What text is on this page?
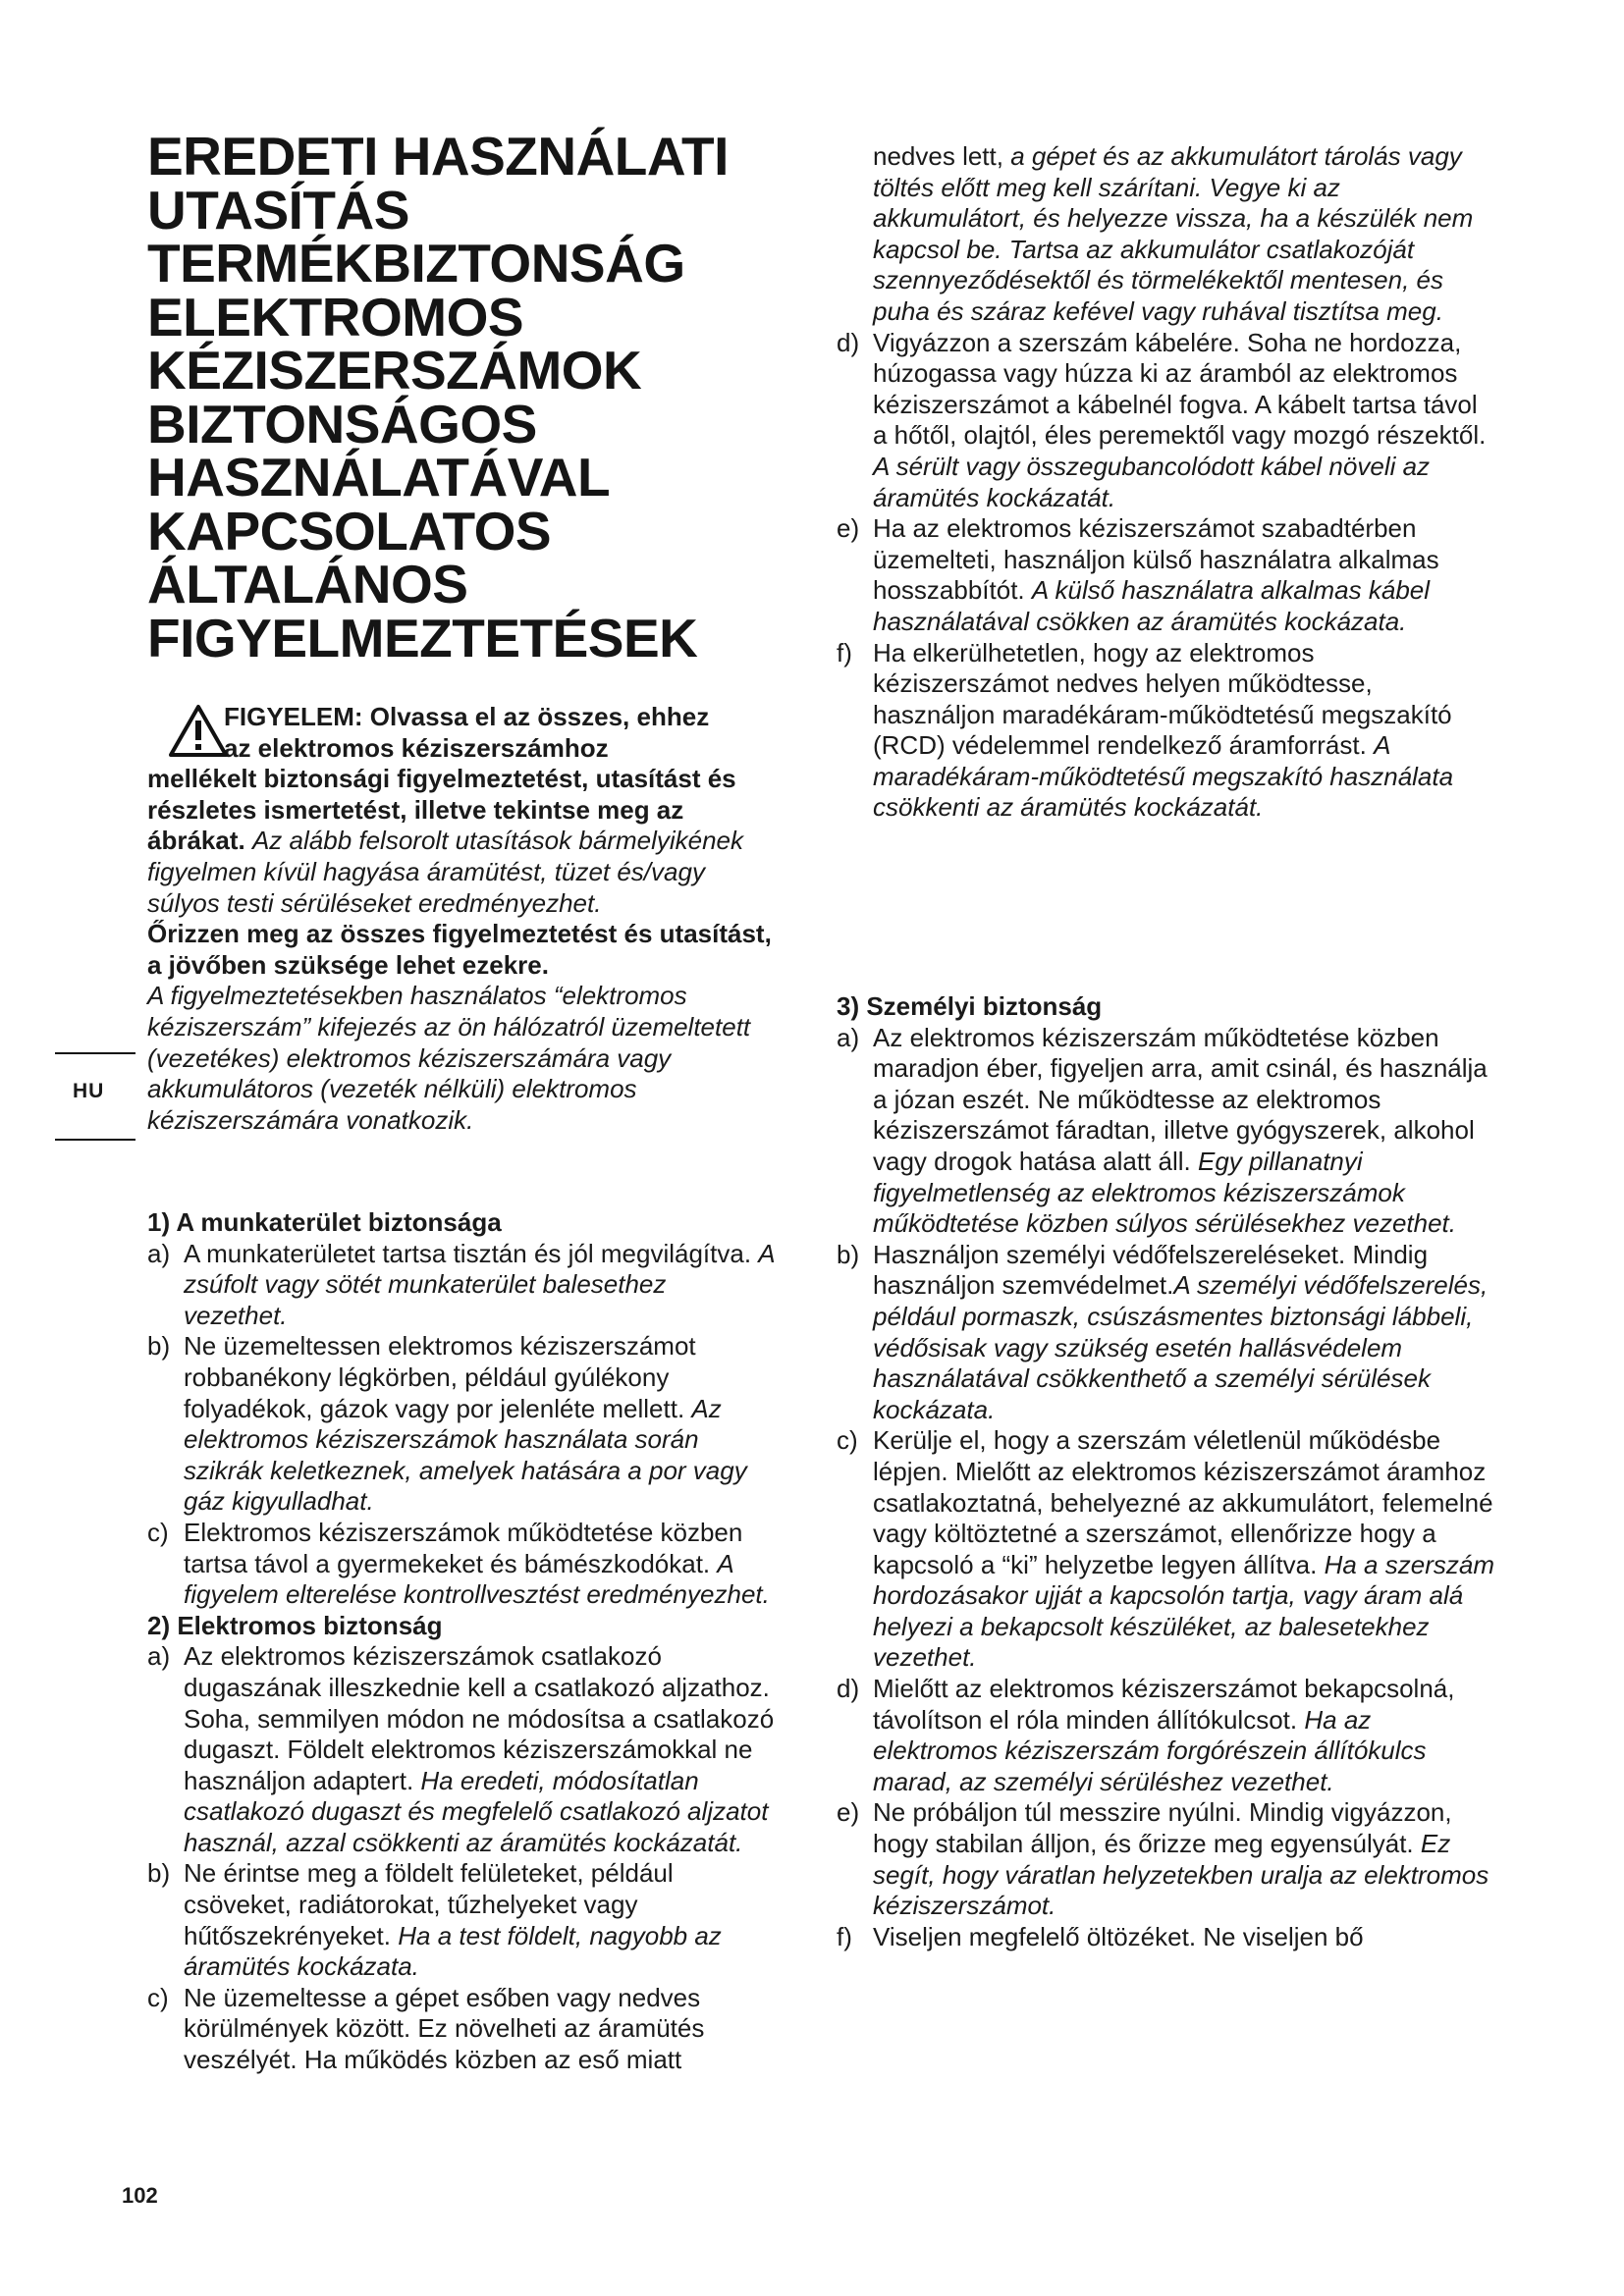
EREDETI HASZNÁLATI
UTASÍTÁS
TERMÉKBIZTONSÁG
ELEKTROMOS
KÉZISZERSZÁMOK
BIZTONSÁGOS
HASZNÁLATÁVAL
KAPCSOLATOS
ÁLTALÁNOS
FIGYELMEZTETÉSEK
FIGYELEM: Olvassa el az összes, ehhez
az elektromos kéziszerszámhoz
mellékelt biztonsági figyelmeztetést, utasítást és részletes ismertetést, illetve tekintse meg az ábrákat. Az alább felsorolt utasítások bármelyikének figyelmen kívül hagyása áramütést, tüzet és/vagy súlyos testi sérüléseket eredményezhet.
Őrizzen meg az összes figyelmeztetést és utasítást, a jövőben szüksége lehet ezekre.
A figyelmeztetésekben használatos “elektromos kéziszerszám” kifejezés az ön hálózatról üzemeltetett (vezetékes) elektromos kéziszerszámára vagy akkumulátoros (vezeték nélküli) elektromos kéziszerszámára vonatkozik.

1) A munkaterület biztonsága

a) A munkaterületet tartsa tisztán és jól megvilágítva. A zsúfolt vagy sötét munkaterület balesethez vezethet.

b) Ne üzemeltessen elektromos kéziszerszámot robbanékony légkörben, például gyúlékony folyadékok, gázok vagy por jelenléte mellett. Az elektromos kéziszerszámok használata során szikrák keletkeznek, amelyek hatására a por vagy gáz kigyulladhat.

c) Elektromos kéziszerszámok működtetése közben tartsa távol a gyermekeket és bámészkodókat. A figyelem elterelése kontrollvesztést eredményezhet.

2) Elektromos biztonság

a) Az elektromos kéziszerszámok csatlakozó dugaszának illeszkednie kell a csatlakozó aljzathoz. Soha, semmilyen módon ne módosítsa a csatlakozó dugaszt. Földelt elektromos kéziszerszámokkal ne használjon adaptert. Ha eredeti, módosítatlan csatlakozó dugaszt és megfelelő csatlakozó aljzatot használ, azzal csökkenti az áramütés kockázatát.

b) Ne érintse meg a földelt felületeket, például csöveket, radiátorokat, tűzhelyeket vagy hűtőszekrényeket. Ha a test földelt, nagyobb az áramütés kockázata.

c) Ne üzemeltesse a gépet esőben vagy nedves körülmények között. Ez növelheti az áramütés veszélyét. Ha működés közben az eső miatt

HU

nedves lett, a gépet és az akkumulátort tárolás vagy töltés előtt meg kell szárítani. Vegye ki az akkumulátort, és helyezze vissza, ha a készülék nem kapcsol be. Tartsa az akkumulátor csatlakozóját szennyeződésektől és törmelékektől mentesen, és puha és száraz kefével vagy ruhával tisztítsa meg.

d) Vigyázzon a szerszám kábelére. Soha ne hordozza, húzogassa vagy húzza ki az áramból az elektromos kéziszerszámot a kábelnél fogva. A kábelt tartsa távol a hőtől, olajtól, éles peremektől vagy mozgó részektől. A sérült vagy összegubancolódott kábel növeli az áramütés kockázatát.

e) Ha az elektromos kéziszerszámot szabadtérben üzemelteti, használjon külső használatra alkalmas hosszabbítót. A külső használatra alkalmas kábel használatával csökken az áramütés kockázata.

f) Ha elkerülhetetlen, hogy az elektromos kéziszerszámot nedves helyen működtesse, használjon maradékáram-működtetésű megszakító (RCD) védelemmel rendelkező áramforrást. A maradékáram-működtetésű megszakító használata csökkenti az áramütés kockázatát.

3) Személyi biztonság

a) Az elektromos kéziszerszám működtetése közben maradjon éber, figyeljen arra, amit csinál, és használja a józan eszét. Ne működtesse az elektromos kéziszerszámot fáradtan, illetve gyógyszerek, alkohol vagy drogok hatása alatt áll. Egy pillanatnyi figyelmetlenség az elektromos kéziszerszámok működtetése közben súlyos sérülésekhez vezethet.

b) Használjon személyi védőfelszereléseket. Mindig használjon szemvédelmet.A személyi védőfelszerelés, például pormaszk, csúszásmentes biztonsági lábbeli, védősisak vagy szükség esetén hallásvédelem használatával csökkenthető a személyi sérülések kockázata.

c) Kerülje el, hogy a szerszám véletlenül működésbe lépjen. Mielőtt az elektromos kéziszerszámot áramhoz csatlakoztatná, behelyezné az akkumulátort, felemelné vagy költöztetné a szerszámot, ellenőrizze hogy a kapcsoló a “ki” helyzetbe legyen állítva. Ha a szerszám hordozásakor ujját a kapcsolón tartja, vagy áram alá helyezi a bekapcsolt készüléket, az balesetekhez vezethet.

d) Mielőtt az elektromos kéziszerszámot bekapcsolná, távolítson el róla minden állítókulcsot. Ha az elektromos kéziszerszám forgórészein állítókulcs marad, az személyi sérüléshez vezethet.

e) Ne próbáljon túl messzire nyúlni. Mindig vigyázzon, hogy stabilan álljon, és őrizze meg egyensúlyát. Ez segít, hogy váratlan helyzetekben uralja az elektromos kéziszerszámot.

f) Viseljen megfelelő öltözéket. Ne viseljen bő

102
